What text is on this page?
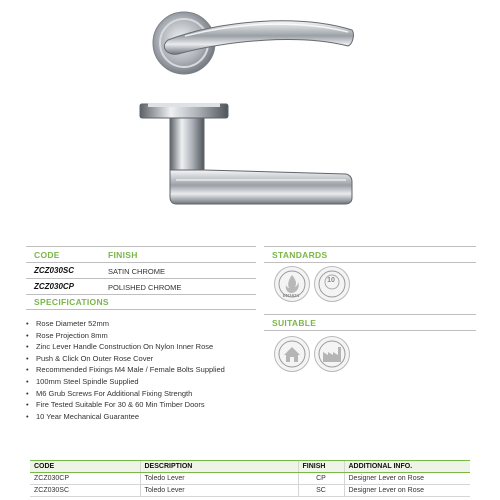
CODE	FINISH
ZCZ030SC	SATIN CHROME
ZCZ030CP	POLISHED CHROME
SPECIFICATIONS
• Rose Diameter 52mm
• Rose Projection 8mm
• Zinc Lever Handle Construction On Nylon Inner Rose
• Push & Click On Outer Rose Cover
• Recommended Fixings M4 Male / Female Bolts Supplied
• 100mm Steel Spindle Supplied
• M6 Grub Screws For Additional Fixing Strength
• Fire Tested Suitable For 30 & 60 Min Timber Doors
• 10 Year Mechanical Guarantee
STANDARDS
EN1634
10
SUITABLE
CODE	DESCRIPTION	FINISH	ADDITIONAL INFO.
ZCZ030CP	Toledo Lever	CP	Designer Lever on Rose
ZCZ030SC	Toledo Lever	SC	Designer Lever on Rose
